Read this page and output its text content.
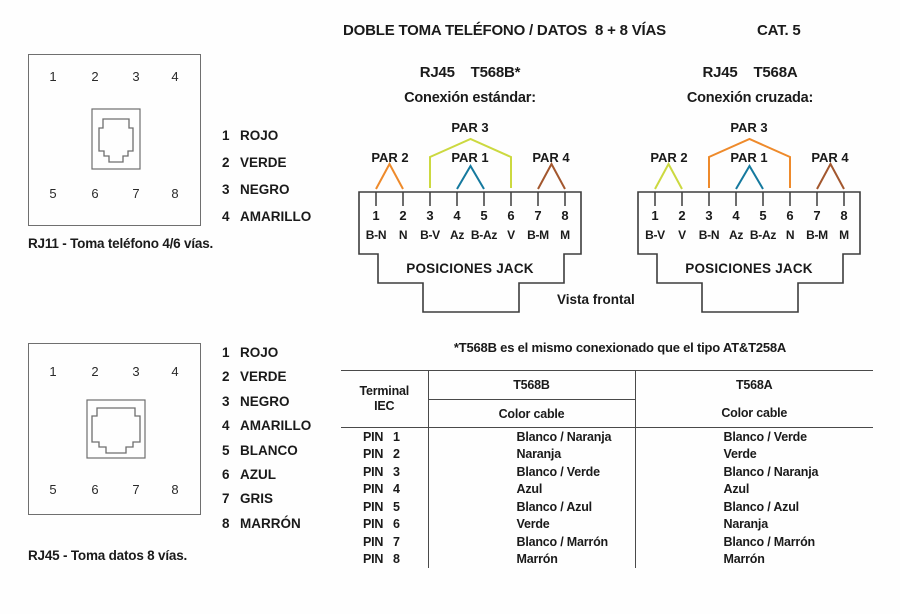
DOBLE TOMA TELÉFONO / DATOS  8 + 8 VÍAS	CAT. 5
RJ45    T568B*
Conexión estándar:
RJ45    T568A
Conexión cruzada:
1	2	3	4
5	6	7	8
1 ROJO
2 VERDE
3 NEGRO
4 AMARILLO
RJ11 - Toma teléfono 4/6 vías.
1	2	3	4
5	6	7	8
1 ROJO
2 VERDE
3 NEGRO
4 AMARILLO
5 BLANCO
6 AZUL
7 GRIS
8 MARRÓN
RJ45 - Toma datos 8 vías.
PAR 3
PAR 2	PAR 1	PAR 4
1
B-N
2
N
3
B-V
4
Az
5
B-Az
6
V
7
B-M
8
M
POSICIONES JACK
PAR 3
PAR 2	PAR 1	PAR 4
1
B-V
2
V
3
B-N
4
Az
5
B-Az
6
N
7
B-M
8
M
POSICIONES JACK
Vista frontal
*T568B es el mismo conexionado que el tipo AT&T258A
Terminal
IEC	T568B	T568A
	Color cable	Color cable
PIN 1	Blanco / Naranja	Blanco / Verde
PIN 2	Naranja	Verde
PIN 3	Blanco / Verde	Blanco / Naranja
PIN 4	Azul	Azul
PIN 5	Blanco / Azul	Blanco / Azul
PIN 6	Verde	Naranja
PIN 7	Blanco / Marrón	Blanco / Marrón
PIN 8	Marrón	Marrón
